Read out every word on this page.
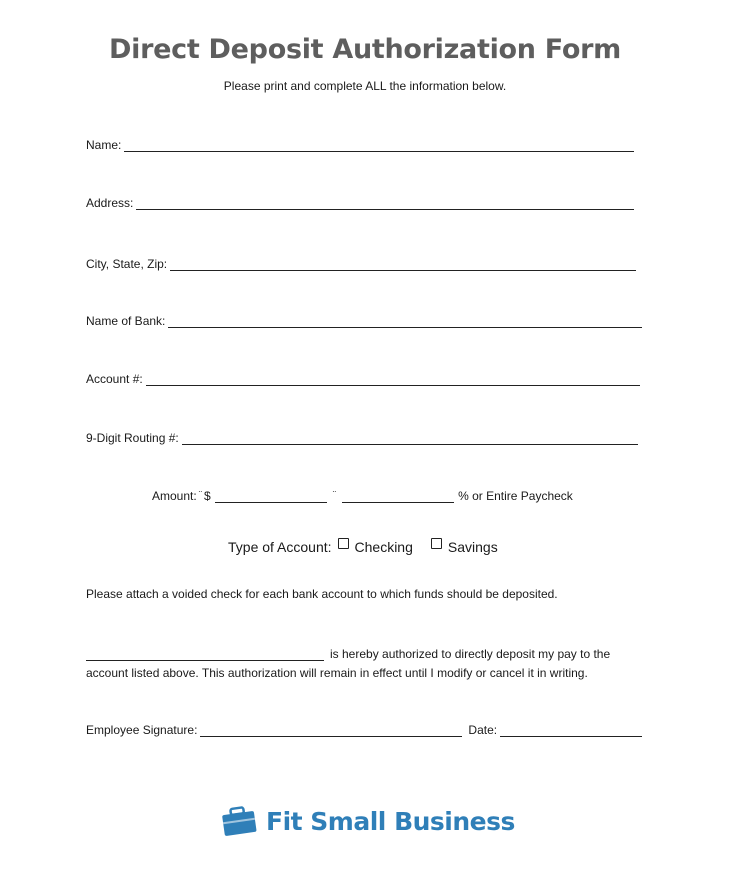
Direct Deposit Authorization Form
Please print and complete ALL the information below.
Name:
Address:
City, State, Zip:
Name of Bank:
Account #:
9-Digit Routing #:
Amount: ¨ $	¨	% or Entire Paycheck
Type of Account: Checking	Savings
Please attach a voided check for each bank account to which funds should be deposited.
is hereby authorized to directly deposit my pay to the
account listed above. This authorization will remain in effect until I modify or cancel it in writing.
Employee Signature:	Date:
Fit Small Business
